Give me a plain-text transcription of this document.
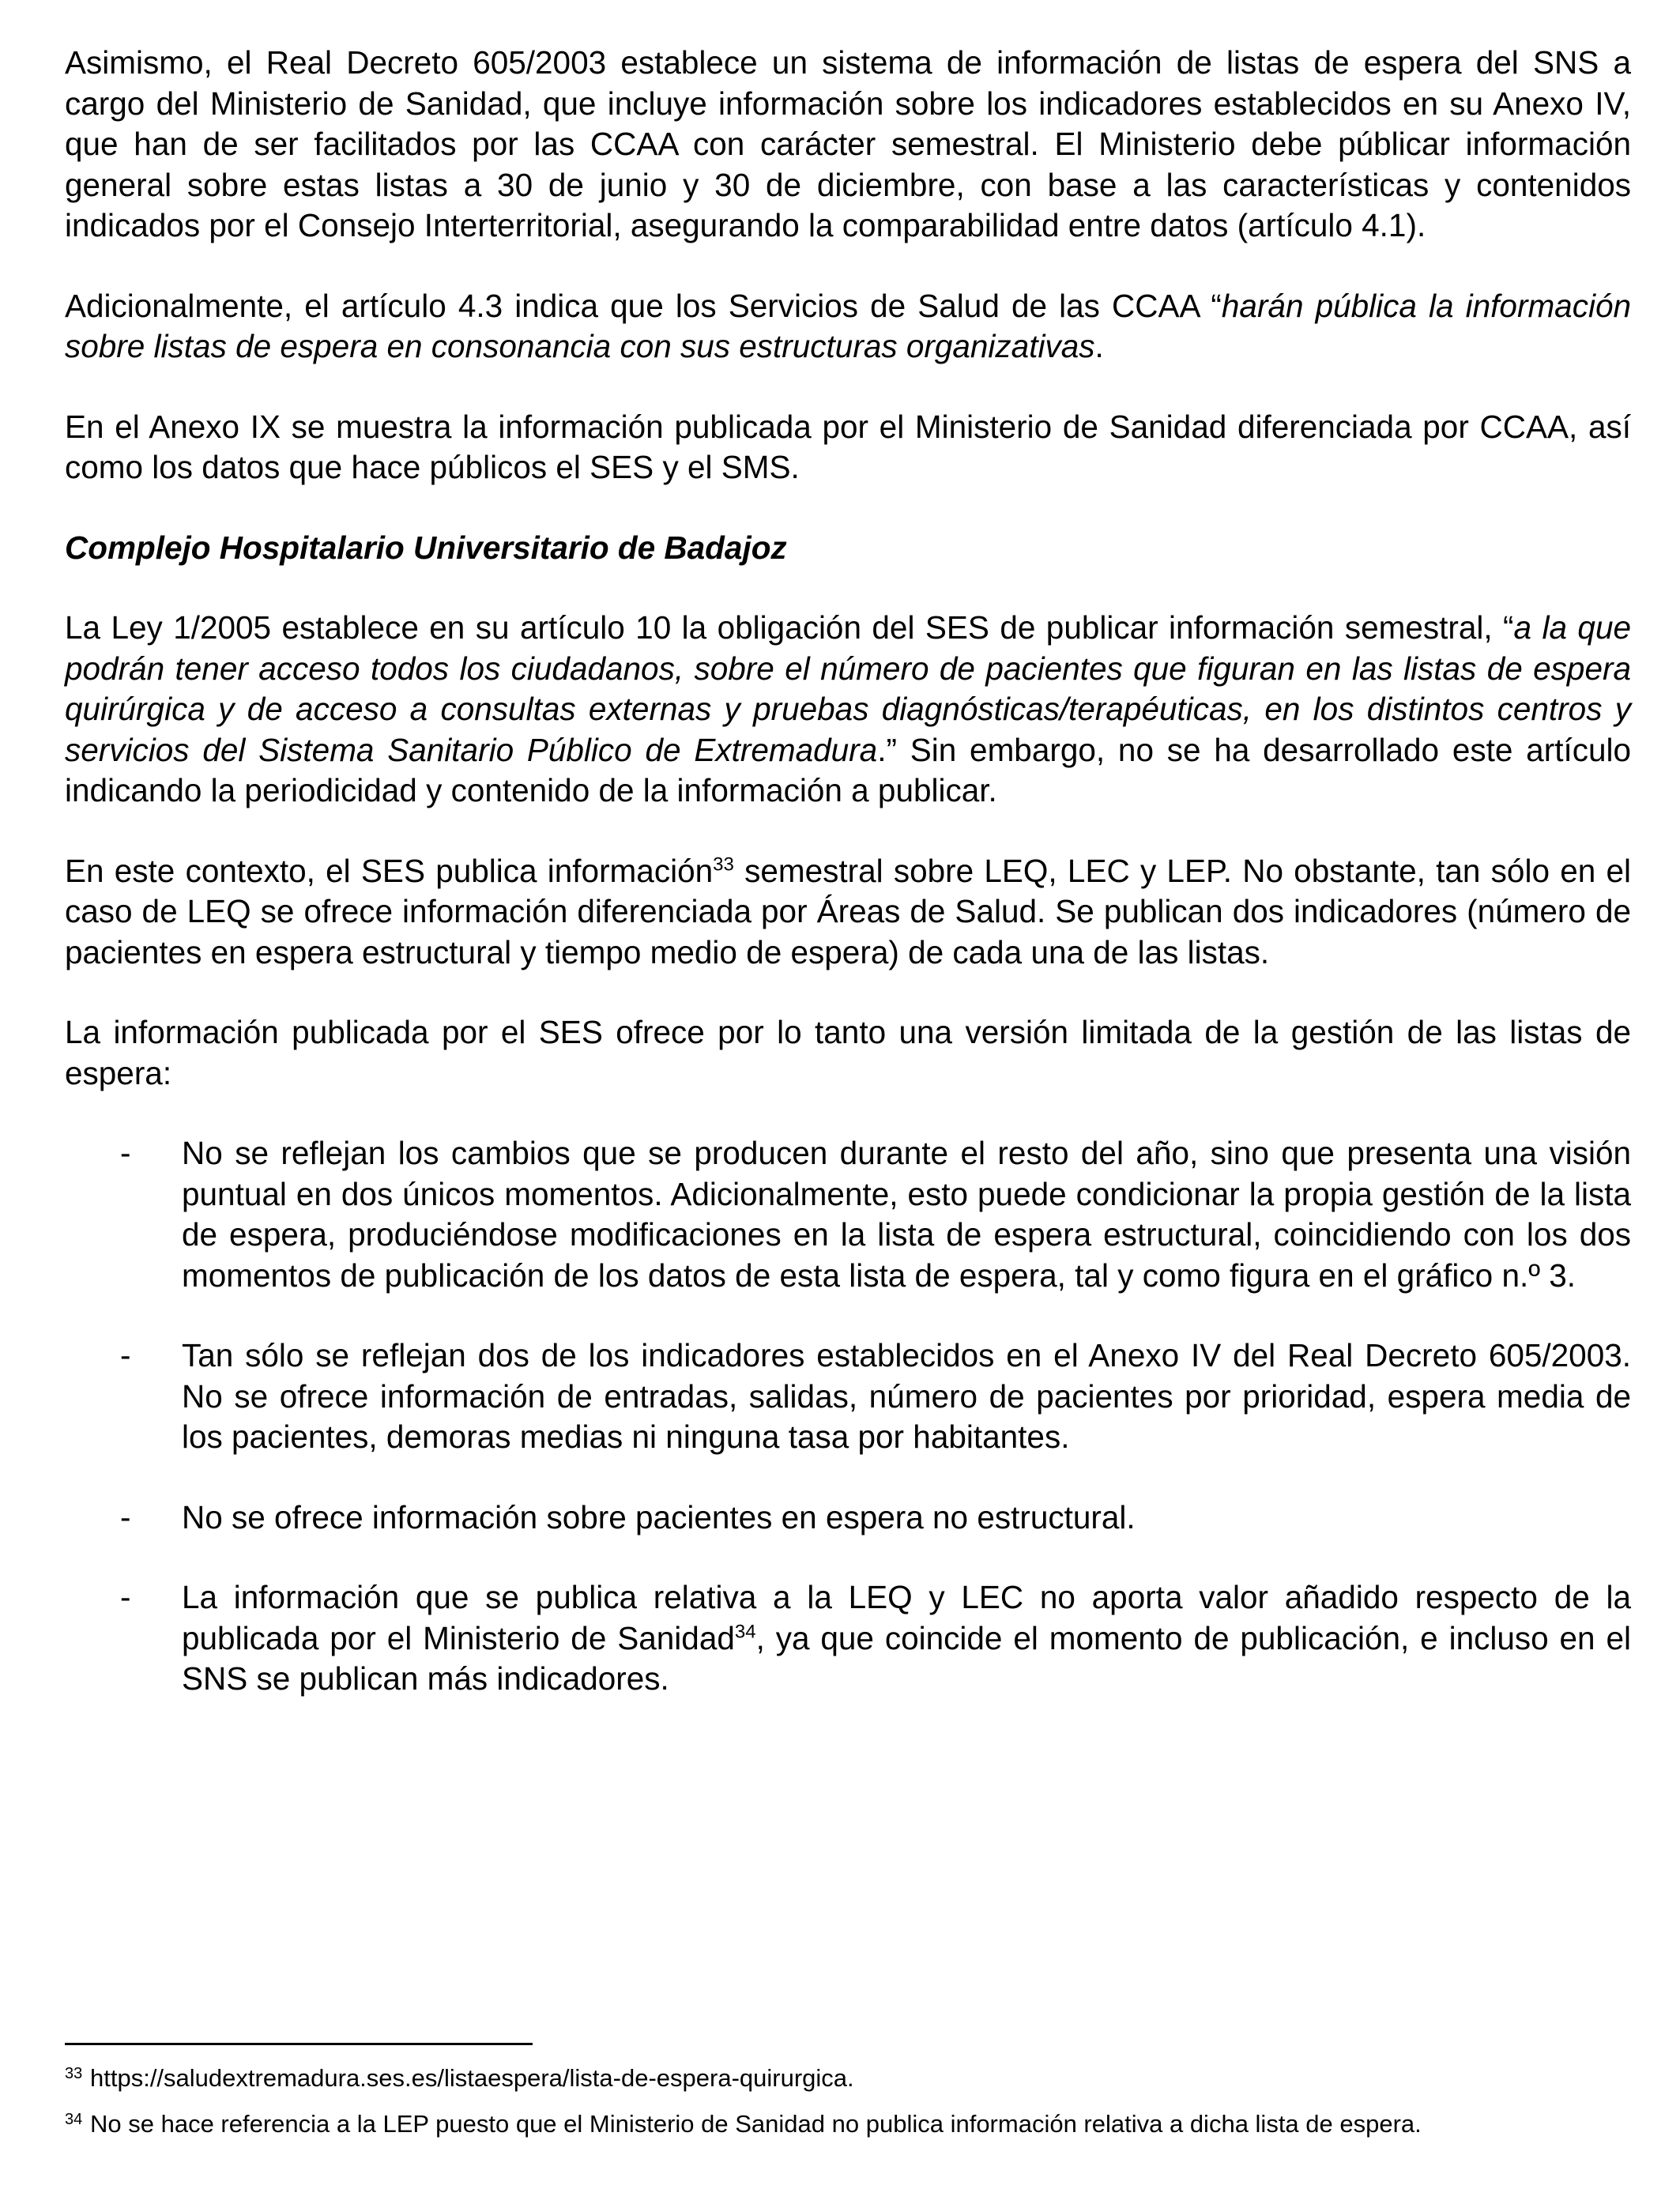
Asimismo, el Real Decreto 605/2003 establece un sistema de información de listas de espera del SNS a cargo del Ministerio de Sanidad, que incluye información sobre los indicadores establecidos en su Anexo IV, que han de ser facilitados por las CCAA con carácter semestral. El Ministerio debe públicar información general sobre estas listas a 30 de junio y 30 de diciembre, con base a las características y contenidos indicados por el Consejo Interterritorial, asegurando la comparabilidad entre datos (artículo 4.1).

Adicionalmente, el artículo 4.3 indica que los Servicios de Salud de las CCAA “harán pública la información sobre listas de espera en consonancia con sus estructuras organizativas.

En el Anexo IX se muestra la información publicada por el Ministerio de Sanidad diferenciada por CCAA, así como los datos que hace públicos el SES y el SMS.

Complejo Hospitalario Universitario de Badajoz

La Ley 1/2005 establece en su artículo 10 la obligación del SES de publicar información semestral, “a la que podrán tener acceso todos los ciudadanos, sobre el número de pacientes que figuran en las listas de espera quirúrgica y de acceso a consultas externas y pruebas diagnósticas/terapéuticas, en los distintos centros y servicios del Sistema Sanitario Público de Extremadura.” Sin embargo, no se ha desarrollado este artículo indicando la periodicidad y contenido de la información a publicar.

En este contexto, el SES publica información$^{33}$ semestral sobre LEQ, LEC y LEP. No obstante, tan sólo en el caso de LEQ se ofrece información diferenciada por Áreas de Salud. Se publican dos indicadores (número de pacientes en espera estructural y tiempo medio de espera) de cada una de las listas.

La información publicada por el SES ofrece por lo tanto una versión limitada de la gestión de las listas de espera:

- No se reflejan los cambios que se producen durante el resto del año, sino que presenta una visión puntual en dos únicos momentos. Adicionalmente, esto puede condicionar la propia gestión de la lista de espera, produciéndose modificaciones en la lista de espera estructural, coincidiendo con los dos momentos de publicación de los datos de esta lista de espera, tal y como figura en el gráfico n.º 3.
- Tan sólo se reflejan dos de los indicadores establecidos en el Anexo IV del Real Decreto 605/2003. No se ofrece información de entradas, salidas, número de pacientes por prioridad, espera media de los pacientes, demoras medias ni ninguna tasa por habitantes.
- No se ofrece información sobre pacientes en espera no estructural.
- La información que se publica relativa a la LEQ y LEC no aporta valor añadido respecto de la publicada por el Ministerio de Sanidad$^{34}$, ya que coincide el momento de publicación, e incluso en el SNS se publican más indicadores.
33 https://saludextremadura.ses.es/listaespera/lista-de-espera-quirurgica.
34 No se hace referencia a la LEP puesto que el Ministerio de Sanidad no publica información relativa a dicha lista de espera.
